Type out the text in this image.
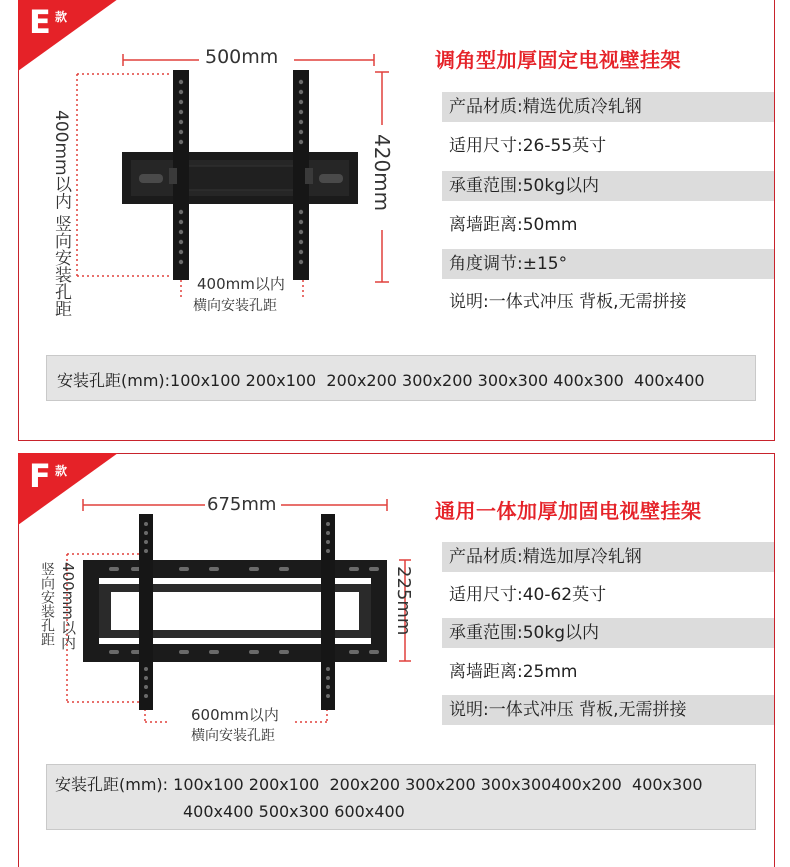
E 款
500mm
420mm
400mm以内 竖向安装孔距	400mm以内
横向安装孔距
调角型加厚固定电视壁挂架
产品材质:精选优质冷轧钢
适用尺寸:26-55英寸
承重范围:50kg以内
离墙距离:50mm
角度调节:±15°
说明:一体式冲压 背板,无需拼接
安装孔距(mm):100x100 200x100  200x200 300x200 300x300 400x300  400x400
F 款
675mm
225mm
400mm以内
竖向安装孔距
600mm以内
横向安装孔距
通用一体加厚加固电视壁挂架
产品材质:精选加厚冷轧钢
适用尺寸:40-62英寸
承重范围:50kg以内
离墙距离:25mm
说明:一体式冲压 背板,无需拼接
安装孔距(mm): 100x100 200x100  200x200 300x200 300x300400x200  400x300
400x400 500x300 600x400
